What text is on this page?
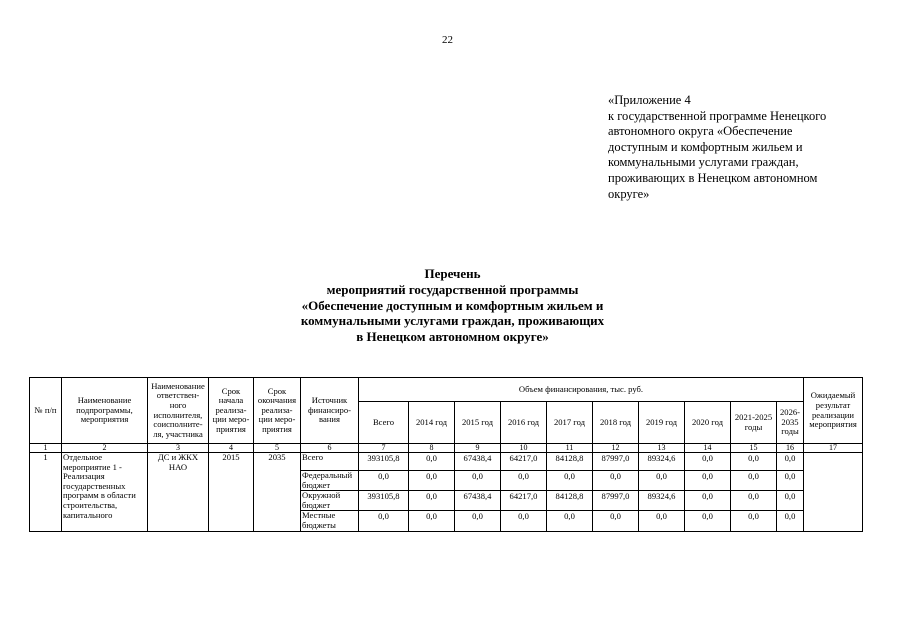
22
«Приложение 4
к государственной программе Ненецкого
автономного округа «Обеспечение
доступным и комфортным жильем и
коммунальными услугами граждан,
проживающих в Ненецком автономном
округе»
Перечень
мероприятий государственной программы
«Обеспечение доступным и комфортным жильем и
коммунальными услугами граждан, проживающих
в Ненецком автономном округе»
№ п/п	Наименование подпрограммы, мероприятия	Наименование ответствен-ного исполнителя, соисполните-ля, участника	Срок начала реализа-ции меро-приятия	Срок окончания реализа-ции меро-приятия	Источник финансиро-вания	Объем финансирования, тыс. руб.										Ожидаемый результат реализации мероприятия
						Всего	2014 год	2015 год	2016 год	2017 год	2018 год	2019 год	2020 год	2021-2025 годы	2026-2035 годы	
1	2	3	4	5	6	7	8	9	10	11	12	13	14	15	16	17
1	Отдельное мероприятие 1 - Реализация государственных программ в области строительства, капитального	ДС и ЖКХ НАО	2015	2035	Всего	393105,8	0,0	67438,4	64217,0	84128,8	87997,0	89324,6	0,0	0,0	0,0	
					Федеральный бюджет	0,0	0,0	0,0	0,0	0,0	0,0	0,0	0,0	0,0	0,0	
					Окружной бюджет	393105,8	0,0	67438,4	64217,0	84128,8	87997,0	89324,6	0,0	0,0	0,0	
					Местные бюджеты	0,0	0,0	0,0	0,0	0,0	0,0	0,0	0,0	0,0	0,0	
